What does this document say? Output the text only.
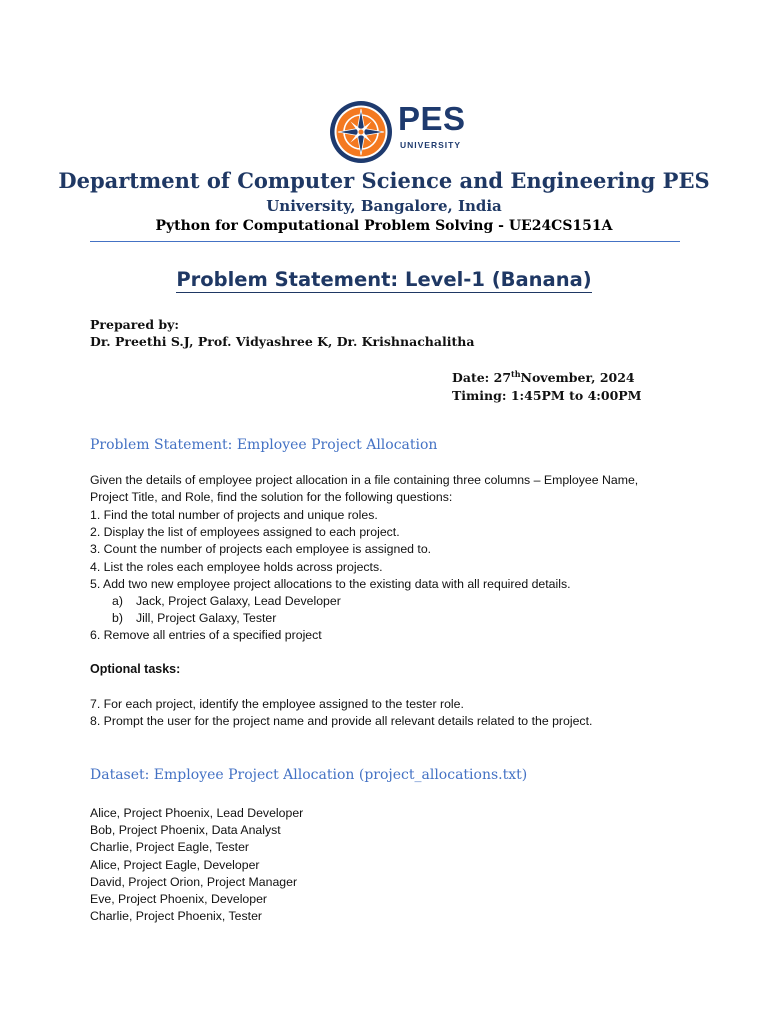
PES
UNIVERSITY
Department of Computer Science and Engineering PES
University, Bangalore, India
Python for Computational Problem Solving - UE24CS151A
Problem Statement: Level-1 (Banana)
Prepared by:
Dr. Preethi S.J, Prof. Vidyashree K, Dr. Krishnachalitha
Date: 27thNovember, 2024
Timing: 1:45PM to 4:00PM
Problem Statement: Employee Project Allocation
Given the details of employee project allocation in a file containing three columns – Employee Name,
Project Title, and Role, find the solution for the following questions:
1. Find the total number of projects and unique roles.
2. Display the list of employees assigned to each project.
3. Count the number of projects each employee is assigned to.
4. List the roles each employee holds across projects.
5. Add two new employee project allocations to the existing data with all required details.
a) Jack, Project Galaxy, Lead Developer
b) Jill, Project Galaxy, Tester
6. Remove all entries of a specified project
Optional tasks:
7. For each project, identify the employee assigned to the tester role.
8. Prompt the user for the project name and provide all relevant details related to the project.
Dataset: Employee Project Allocation (project_allocations.txt)
Alice, Project Phoenix, Lead Developer
Bob, Project Phoenix, Data Analyst
Charlie, Project Eagle, Tester
Alice, Project Eagle, Developer
David, Project Orion, Project Manager
Eve, Project Phoenix, Developer
Charlie, Project Phoenix, Tester
